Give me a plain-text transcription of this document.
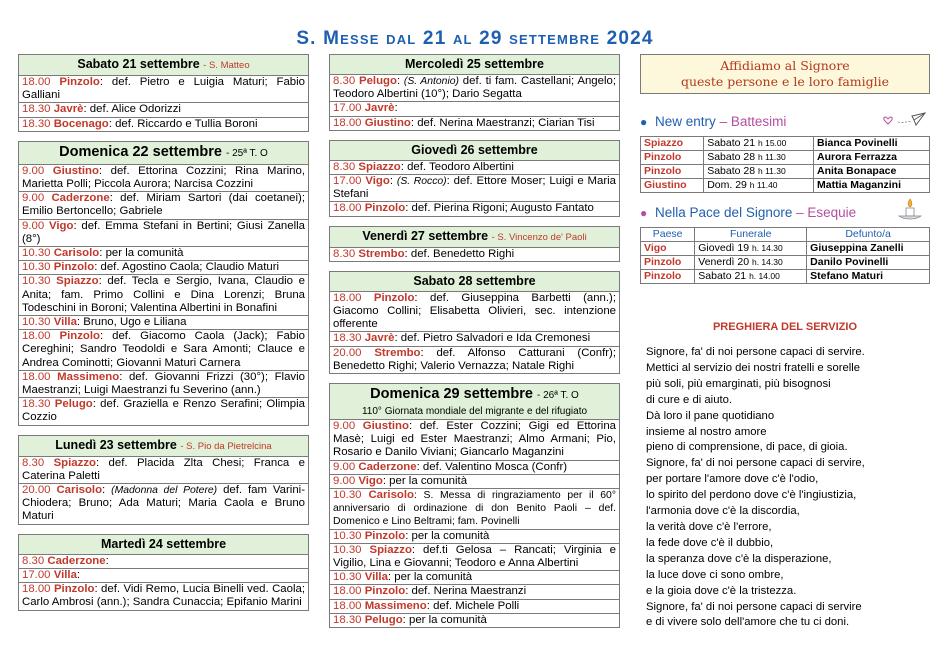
S. Messe dal 21 al 29 settembre 2024
Sabato 21 settembre - S. Matteo
18.00 Pinzolo: def. Pietro e Luigia Maturi; Fabio Galliani
18.30 Javrè: def. Alice Odorizzi
18.30 Bocenago: def. Riccardo e Tullia Boroni
Domenica 22 settembre - 25ª T. O
9.00 Giustino: def. Ettorina Cozzini; Rina Marino, Marietta Polli; Piccola Aurora; Narcisa Cozzini
9.00 Caderzone: def. Miriam Sartori (dai coetanei); Emilio Bertoncello; Gabriele
9.00 Vigo: def. Emma Stefani in Bertini; Giusi Zanella (8°)
10.30 Carisolo: per la comunità
10.30 Pinzolo: def. Agostino Caola; Claudio Maturi
10.30 Spiazzo: def. Tecla e Sergio, Ivana, Claudio e Anita; fam. Primo Collini e Dina Lorenzi; Bruna Todeschini in Boroni; Valentina Albertini in Bonafini
10.30 Villa: Bruno, Ugo e Liliana
18.00 Pinzolo: def. Giacomo Caola (Jack); Fabio Cereghini; Sandro Teodoldi e Sara Amonti; Clauce e Andrea Cominotti; Giovanni Maturi Carnera
18.00 Massimeno: def. Giovanni Frizzi (30°); Flavio Maestranzi; Luigi Maestranzi fu Severino (ann.)
18.30 Pelugo: def. Graziella e Renzo Serafini; Olimpia Cozzio
Lunedì 23 settembre - S. Pio da Pietrelcina
8.30 Spiazzo: def. Placida Zlta Chesi; Franca e Caterina Paletti
20.00 Carisolo: (Madonna del Potere) def. fam Varini-Chiodera; Bruno; Ada Maturi; Maria Caola e Bruno Maturi
Martedì 24 settembre
8.30 Caderzone:
17.00 Villa:
18.00 Pinzolo: def. Vidi Remo, Lucia Binelli ved. Caola; Carlo Ambrosi (ann.); Sandra Cunaccia; Epifanio Marini
Mercoledì 25 settembre
8.30 Pelugo: (S. Antonio) def. ti fam. Castellani; Angelo; Teodoro Albertini (10°); Dario Segatta
17.00 Javrè:
18.00 Giustino: def. Nerina Maestranzi; Ciarian Tisi
Giovedì 26 settembre
8.30 Spiazzo: def. Teodoro Albertini
17.00 Vigo: (S. Rocco): def. Ettore Moser; Luigi e Maria Stefani
18.00 Pinzolo: def. Pierina Rigoni; Augusto Fantato
Venerdì 27 settembre - S. Vincenzo de' Paoli
8.30 Strembo: def. Benedetto Righi
Sabato 28 settembre
18.00 Pinzolo: def. Giuseppina Barbetti (ann.); Giacomo Collini; Elisabetta Olivieri, sec. intenzione offerente
18.30 Javrè: def. Pietro Salvadori e Ida Cremonesi
20.00 Strembo: def. Alfonso Catturani (Confr); Benedetto Righi; Valerio Vernazza; Natale Righi
Domenica 29 settembre - 26ª T. O
110° Giornata mondiale del migrante e del rifugiato
9.00 Giustino: def. Ester Cozzini; Gigi ed Ettorina Masè; Luigi ed Ester Maestranzi; Almo Armani; Pio, Rosario e Danilo Viviani; Giancarlo Maganzini
9.00 Caderzone: def. Valentino Mosca (Confr)
9.00 Vigo: per la comunità
10.30 Carisolo: S. Messa di ringraziamento per il 60° anniversario di ordinazione di don Benito Paoli – def. Domenico e Lino Beltrami; fam. Povinelli
10.30 Pinzolo: per la comunità
10.30 Spiazzo: def.ti Gelosa – Rancati; Virginia e Vigilio, Lina e Giovanni; Teodoro e Anna Albertini
10.30 Villa: per la comunità
18.00 Pinzolo: def. Nerina Maestranzi
18.00 Massimeno: def. Michele Polli
18.30 Pelugo: per la comunità
Affidiamo al Signore
queste persone e le loro famiglie
● New entry – Battesimi
Spiazzo	Sabato 21 h 15.00	Bianca Povinelli
Pinzolo	Sabato 28 h 11.30	Aurora Ferrazza
Pinzolo	Sabato 28 h 11.30	Anita Bonapace
Giustino	Dom. 29 h 11.40	Mattia Maganzini
● Nella Pace del Signore – Esequie
Paese	Funerale	Defunto/a
Vigo	Giovedì 19 h. 14.30	Giuseppina Zanelli
Pinzolo	Venerdì 20 h. 14.30	Danilo Povinelli
Pinzolo	Sabato 21 h. 14.00	Stefano Maturi
PREGHIERA DEL SERVIZIO
Signore, fa' di noi persone capaci di servire.
Mettici al servizio dei nostri fratelli e sorelle
più soli, più emarginati, più bisognosi
di cure e di aiuto.
Dà loro il pane quotidiano
insieme al nostro amore
pieno di comprensione, di pace, di gioia.
Signore, fa' di noi persone capaci di servire,
per portare l'amore dove c'è l'odio,
lo spirito del perdono dove c'è l'ingiustizia,
l'armonia dove c'è la discordia,
la verità dove c'è l'errore,
la fede dove c'è il dubbio,
la speranza dove c'è la disperazione,
la luce dove ci sono ombre,
e la gioia dove c'è la tristezza.
Signore, fa' di noi persone capaci di servire
e di vivere solo dell'amore che tu ci doni.
